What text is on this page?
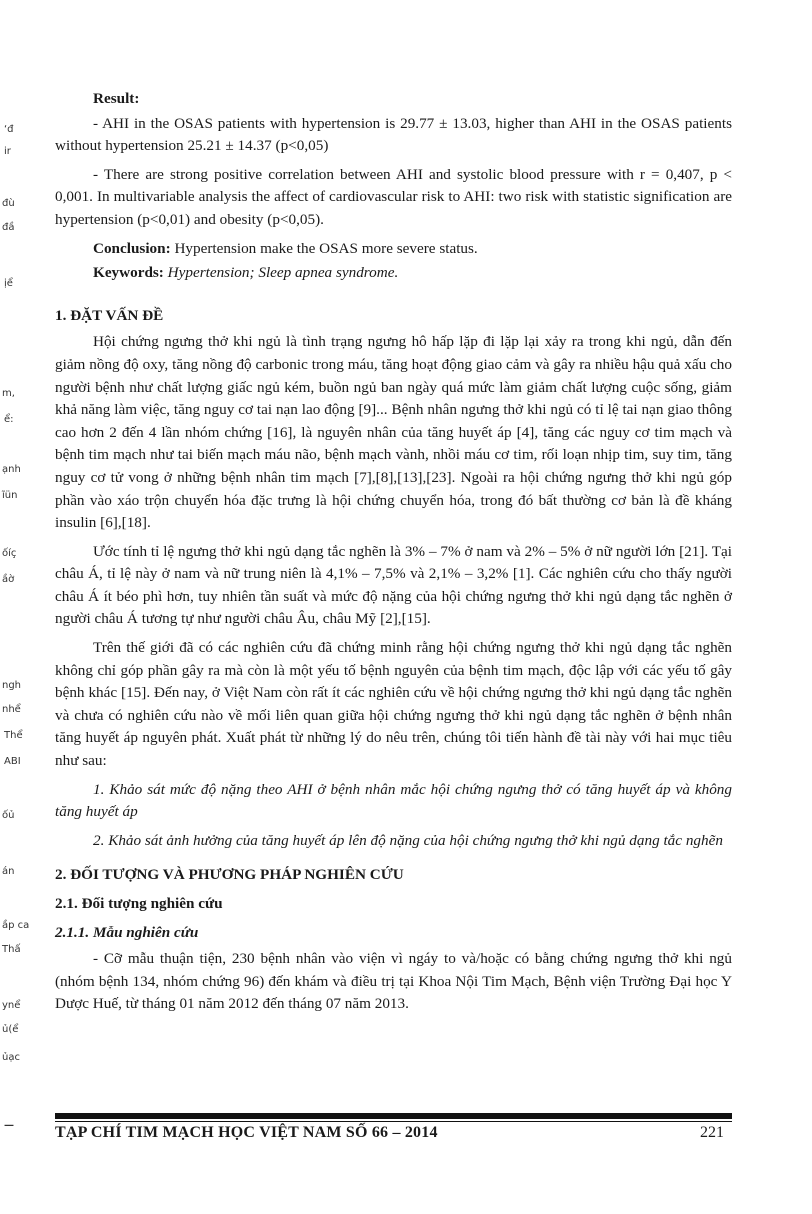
‘đ
ir
đù
đầ
ịể
m,
ể:
ạnh
ĩün
ốíç
ầờ
ngh
nhể
Thể
ABI
ốủ
án
ầp ca
Thấ
ynể
ủ(ể
ủạc
—

Result:

- AHI in the OSAS patients with hypertension is 29.77 ± 13.03, higher than AHI in the OSAS patients without hypertension 25.21 ± 14.37 (p<0,05)

- There are strong positive correlation between AHI and systolic blood pressure with r = 0,407, p < 0,001. In multivariable analysis the affect of cardiovascular risk to AHI: two risk with statistic signification are hypertension (p<0,01) and obesity (p<0,05).

Conclusion: Hypertension make the OSAS more severe status.

Keywords: Hypertension; Sleep apnea syndrome.

1. ĐẶT VẤN ĐỀ

Hội chứng ngưng thở khi ngủ là tình trạng ngưng hô hấp lặp đi lặp lại xảy ra trong khi ngủ, dẫn đến giảm nồng độ oxy, tăng nồng độ carbonic trong máu, tăng hoạt động giao cảm và gây ra nhiều hậu quả xấu cho người bệnh như chất lượng giấc ngủ kém, buồn ngủ ban ngày quá mức làm giảm chất lượng cuộc sống, giảm khả năng làm việc, tăng nguy cơ tai nạn lao động [9]... Bệnh nhân ngưng thở khi ngủ có tỉ lệ tai nạn giao thông cao hơn 2 đến 4 lần nhóm chứng [16], là nguyên nhân của tăng huyết áp [4], tăng các nguy cơ tim mạch và bệnh tim mạch như tai biến mạch máu não, bệnh mạch vành, nhồi máu cơ tim, rối loạn nhịp tim, suy tim, tăng nguy cơ tử vong ở những bệnh nhân tim mạch [7],[8],[13],[23]. Ngoài ra hội chứng ngưng thở khi ngủ góp phần vào xáo trộn chuyển hóa đặc trưng là hội chứng chuyển hóa, trong đó bất thường cơ bản là đề kháng insulin [6],[18].

Ước tính tỉ lệ ngưng thở khi ngủ dạng tắc nghẽn là 3% – 7% ở nam và 2% – 5% ở nữ người lớn [21]. Tại châu Á, tỉ lệ này ở nam và nữ trung niên là 4,1% – 7,5% và 2,1% – 3,2% [1]. Các nghiên cứu cho thấy người châu Á ít béo phì hơn, tuy nhiên tần suất và mức độ nặng của hội chứng ngưng thở khi ngủ dạng tắc nghẽn ở người châu Á tương tự như người châu Âu, châu Mỹ [2],[15].

Trên thế giới đã có các nghiên cứu đã chứng minh rằng hội chứng ngưng thở khi ngủ dạng tắc nghẽn không chỉ góp phần gây ra mà còn là một yếu tố bệnh nguyên của bệnh tim mạch, độc lập với các yếu tố gây bệnh khác [15]. Đến nay, ở Việt Nam còn rất ít các nghiên cứu về hội chứng ngưng thở khi ngủ dạng tắc nghẽn và chưa có nghiên cứu nào về mối liên quan giữa hội chứng ngưng thở khi ngủ dạng tắc nghẽn ở bệnh nhân tăng huyết áp nguyên phát. Xuất phát từ những lý do nêu trên, chúng tôi tiến hành đề tài này với hai mục tiêu như sau:

1. Khảo sát mức độ nặng theo AHI ở bệnh nhân mắc hội chứng ngưng thở có tăng huyết áp và không tăng huyết áp

2. Khảo sát ảnh hưởng của tăng huyết áp lên độ nặng của hội chứng ngưng thở khi ngủ dạng tắc nghẽn

2. ĐỐI TƯỢNG VÀ PHƯƠNG PHÁP NGHIÊN CỨU

2.1. Đối tượng nghiên cứu

2.1.1. Mẫu nghiên cứu

- Cỡ mẫu thuận tiện, 230 bệnh nhân vào viện vì ngáy to và/hoặc có bằng chứng ngưng thở khi ngủ (nhóm bệnh 134, nhóm chứng 96) đến khám và điều trị tại Khoa Nội Tim Mạch, Bệnh viện Trường Đại học Y Dược Huế, từ tháng 01 năm 2012 đến tháng 07 năm 2013.

TẠP CHÍ TIM MẠCH HỌC VIỆT NAM SỐ 66 – 2014	221
